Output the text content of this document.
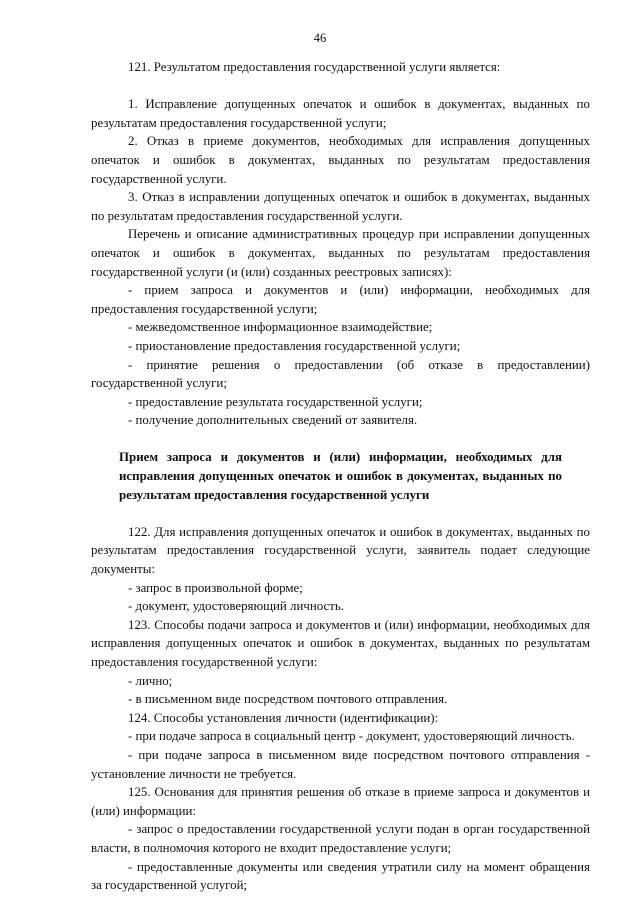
46

121. Результатом предоставления государственной услуги является:

1. Исправление допущенных опечаток и ошибок в документах, выданных по результатам предоставления государственной услуги;

2. Отказ в приеме документов, необходимых для исправления допущенных опечаток и ошибок в документах, выданных по результатам предоставления государственной услуги.

3. Отказ в исправлении допущенных опечаток и ошибок в документах, выданных по результатам предоставления государственной услуги.

Перечень и описание административных процедур при исправлении допущенных опечаток и ошибок в документах, выданных по результатам предоставления государственной услуги (и (или) созданных реестровых записях):

- прием запроса и документов и (или) информации, необходимых для предоставления государственной услуги;

- межведомственное информационное взаимодействие;

- приостановление предоставления государственной услуги;

- принятие решения о предоставлении (об отказе в предоставлении) государственной услуги;

- предоставление результата государственной услуги;

- получение дополнительных сведений от заявителя.

Прием запроса и документов и (или) информации, необходимых для исправления допущенных опечаток и ошибок в документах, выданных по результатам предоставления государственной услуги

122. Для исправления допущенных опечаток и ошибок в документах, выданных по результатам предоставления государственной услуги, заявитель подает следующие документы:

- запрос в произвольной форме;

- документ, удостоверяющий личность.

123. Способы подачи запроса и документов и (или) информации, необходимых для исправления допущенных опечаток и ошибок в документах, выданных по результатам предоставления государственной услуги:

- лично;

- в письменном виде посредством почтового отправления.

124. Способы установления личности (идентификации):

- при подаче запроса в социальный центр - документ, удостоверяющий личность.

- при подаче запроса в письменном виде посредством почтового отправления - установление личности не требуется.

125. Основания для принятия решения об отказе в приеме запроса и документов и (или) информации:

- запрос о предоставлении государственной услуги подан в орган государственной власти, в полномочия которого не входит предоставление услуги;

- предоставленные документы или сведения утратили силу на момент обращения за государственной услугой;
